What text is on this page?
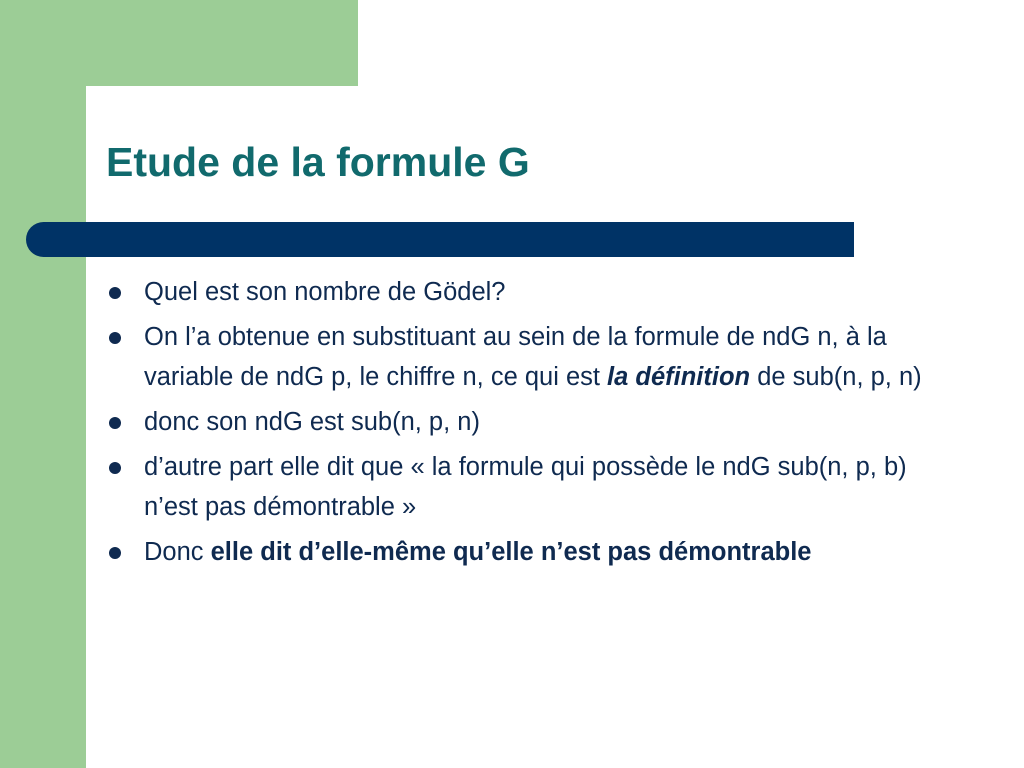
Etude de la formule G
Quel est son nombre de Gödel?
On l’a obtenue en substituant au sein de la formule de ndG n, à la variable de ndG p, le chiffre n, ce qui est la définition de sub(n, p, n)
donc son ndG est sub(n, p, n)
d’autre part elle dit que « la formule qui possède le ndG sub(n, p, b) n’est pas démontrable »
Donc elle dit d’elle-même qu’elle n’est pas démontrable
